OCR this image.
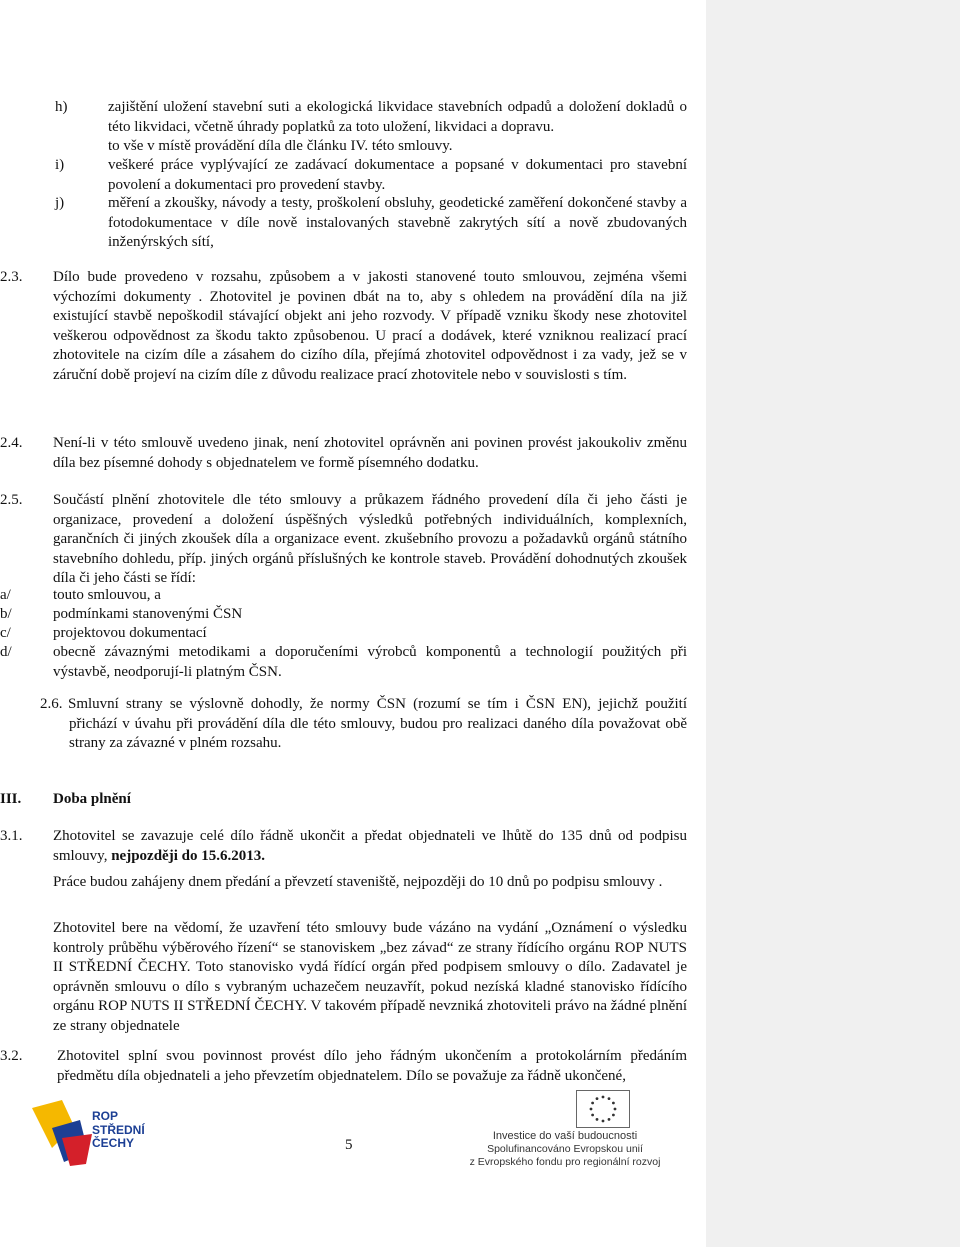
h)	zajištění uložení stavební suti a ekologická likvidace stavebních odpadů a doložení dokladů o této likvidaci, včetně úhrady poplatků za toto uložení, likvidaci a dopravu.
to vše v místě provádění díla dle článku IV. této smlouvy.
i)	veškeré práce vyplývající ze zadávací dokumentace a popsané v dokumentaci pro stavební povolení a dokumentaci pro provedení stavby.
j)	měření a zkoušky, návody a testy, proškolení obsluhy, geodetické zaměření dokončené stavby a fotodokumentace v díle nově instalovaných stavebně zakrytých sítí a nově zbudovaných inženýrských sítí,
2.3. Dílo bude provedeno v rozsahu, způsobem a v jakosti stanovené touto smlouvou, zejména všemi výchozími dokumenty . Zhotovitel je povinen dbát na to, aby s ohledem na provádění díla na již existující stavbě nepoškodil stávající objekt ani jeho rozvody. V případě vzniku škody nese zhotovitel veškerou odpovědnost za škodu takto způsobenou. U prací a dodávek, které vzniknou realizací prací zhotovitele na cizím díle a zásahem do cizího díla, přejímá zhotovitel odpovědnost i za vady, jež se v záruční době projeví na cizím díle z důvodu realizace prací zhotovitele nebo v souvislosti s tím.
2.4. Není-li v této smlouvě uvedeno jinak, není zhotovitel oprávněn ani povinen provést jakoukoliv změnu díla bez písemné dohody s objednatelem ve formě písemného dodatku.
2.5. Součástí plnění zhotovitele dle této smlouvy a průkazem řádného provedení díla či jeho části je organizace, provedení a doložení úspěšných výsledků potřebných individuálních, komplexních, garančních či jiných zkoušek díla a organizace event. zkušebního provozu a požadavků orgánů státního stavebního dohledu, příp. jiných orgánů příslušných ke kontrole staveb. Provádění dohodnutých zkoušek díla či jeho části se řídí:
a/	touto smlouvou, a
b/	podmínkami stanovenými ČSN
c/	projektovou dokumentací
d/	obecně závaznými metodikami a doporučeními výrobců komponentů a technologií použitých při výstavbě, neodporují-li platným ČSN.
2.6. Smluvní strany se výslovně dohodly, že normy ČSN (rozumí se tím i ČSN EN), jejichž použití přichází v úvahu při provádění díla dle této smlouvy, budou pro realizaci daného díla považovat obě strany za závazné v plném rozsahu.
III. Doba plnění
3.1. Zhotovitel se zavazuje celé dílo řádně ukončit a předat objednateli ve lhůtě do 135 dnů od podpisu smlouvy, nejpozději do 15.6.2013.
Práce budou zahájeny dnem předání a převzetí staveniště, nejpozději do 10 dnů po podpisu smlouvy .
Zhotovitel bere na vědomí, že uzavření této smlouvy bude vázáno na vydání „Oznámení o výsledku kontroly průběhu výběrového řízení“ se stanoviskem „bez závad“ ze strany řídícího orgánu ROP NUTS II STŘEDNÍ ČECHY. Toto stanovisko vydá řídící orgán před podpisem smlouvy o dílo. Zadavatel je oprávněn smlouvu o dílo s vybraným uchazečem neuzavřít, pokud nezíská kladné stanovisko řídícího orgánu ROP NUTS II STŘEDNÍ ČECHY. V takovém případě nevzniká zhotoviteli právo na žádné plnění ze strany objednatele
3.2. Zhotovitel splní svou povinnost provést dílo jeho řádným ukončením a protokolárním předáním předmětu díla objednateli a jeho převzetím objednatelem. Dílo se považuje za řádně ukončené,
ROP
STŘEDNÍ
ČECHY	5
Investice do vaší budoucnosti
Spolufinancováno Evropskou unií
z Evropského fondu pro regionální rozvoj
